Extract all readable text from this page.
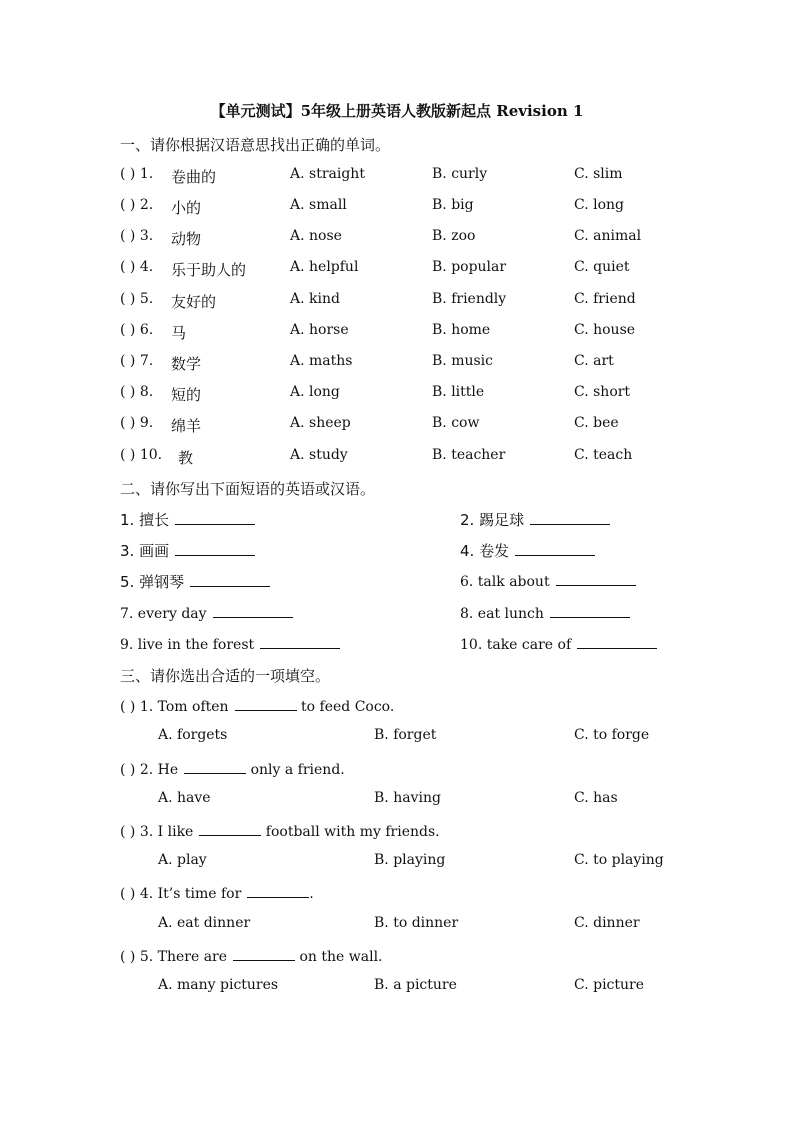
【单元测试】5年级上册英语人教版新起点 Revision 1
一、请你根据汉语意思找出正确的单词。
( ) 1. 卷曲的	A. straight	B. curly	C. slim
( ) 2. 小的	A. small	B. big	C. long
( ) 3. 动物	A. nose	B. zoo	C. animal
( ) 4. 乐于助人的	A. helpful	B. popular	C. quiet
( ) 5. 友好的	A. kind	B. friendly	C. friend
( ) 6. 马	A. horse	B. home	C. house
( ) 7. 数学	A. maths	B. music	C. art
( ) 8. 短的	A. long	B. little	C. short
( ) 9. 绵羊	A. sheep	B. cow	C. bee
( ) 10. 教	A. study	B. teacher	C. teach
二、请你写出下面短语的英语或汉语。
1. 擅长	2. 踢足球
3. 画画	4. 卷发
5. 弹钢琴	6. talk about
7. every day	8. eat lunch
9. live in the forest	10. take care of
三、请你选出合适的一项填空。
( ) 1. Tom often	to feed Coco.
A. forgets	B. forget	C. to forge
( ) 2. He	only a friend.
A. have	B. having	C. has
( ) 3. I like	football with my friends.
A. play	B. playing	C. to playing
( ) 4. It’s time for	.
A. eat dinner	B. to dinner	C. dinner
( ) 5. There are	on the wall.
A. many pictures	B. a picture	C. picture
